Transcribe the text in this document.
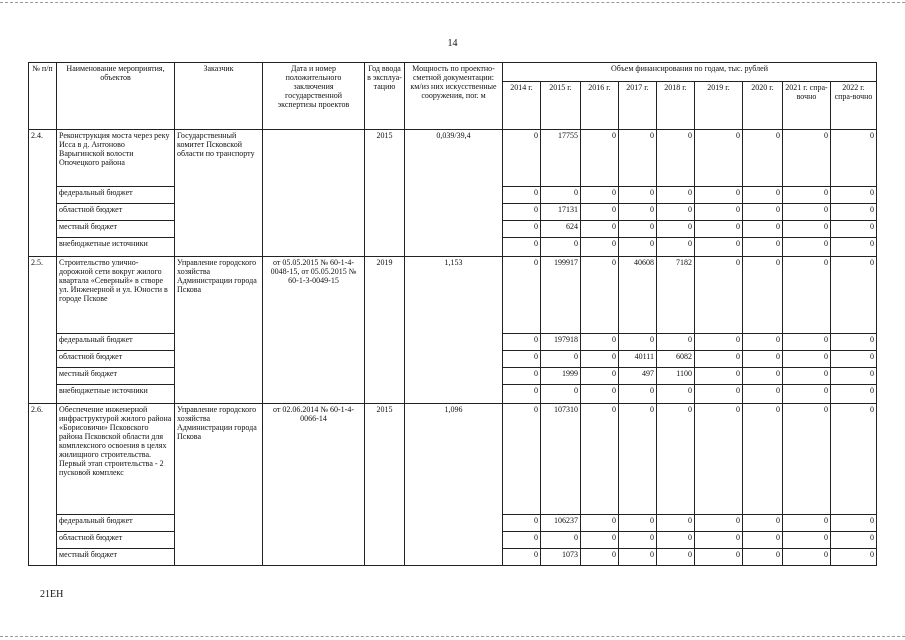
14
№ п/п	Наименование мероприятия, объектов	Заказчик	Дата и номер положительного заключения государственной экспертизы проектов	Год ввода в эксплуа-тацию	Мощность по проектно-сметной документации: км/из них искусственные сооружения, пог. м	Объем финансирования по годам, тыс. рублей								
						2014 г.	2015 г.	2016 г.	2017 г.	2018 г.	2019 г.	2020 г.	2021 г. спра-вочно	2022 г. спра-вочно
2.4.	Реконструкция моста через реку Исса в д. Антоново Варыгинской волости Опочецкого района	Государственный комитет Псковской области по транспорту		2015	0,039/39,4	0	17755	0	0	0	0	0	0	0
	федеральный бюджет					0	0	0	0	0	0	0	0	0
	областной бюджет					0	17131	0	0	0	0	0	0	0
	местный бюджет					0	624	0	0	0	0	0	0	0
	внебюджетные источники					0	0	0	0	0	0	0	0	0
2.5.	Строительство улично-дорожной сети вокруг жилого квартала «Северный» в створе ул. Инженерной и ул. Юности в городе Пскове	Управление городского хозяйства Администрации города Пскова	от 05.05.2015 № 60-1-4-0048-15, от 05.05.2015 № 60-1-3-0049-15	2019	1,153	0	199917	0	40608	7182	0	0	0	0
	федеральный бюджет					0	197918	0	0	0	0	0	0	0
	областной бюджет					0	0	0	40111	6082	0	0	0	0
	местный бюджет					0	1999	0	497	1100	0	0	0	0
	внебюджетные источники					0	0	0	0	0	0	0	0	0
2.6.	Обеспечение инженерной инфраструктурой жилого района «Борисовичи» Псковского района Псковской области для комплексного освоения в целях жилищного строительства. Первый этап строительства - 2 пусковой комплекс	Управление городского хозяйства Администрации города Пскова	от 02.06.2014 № 60-1-4-0066-14	2015	1,096	0	107310	0	0	0	0	0	0	0
	федеральный бюджет					0	106237	0	0	0	0	0	0	0
	областной бюджет					0	0	0	0	0	0	0	0	0
	местный бюджет					0	1073	0	0	0	0	0	0	0
21EH
